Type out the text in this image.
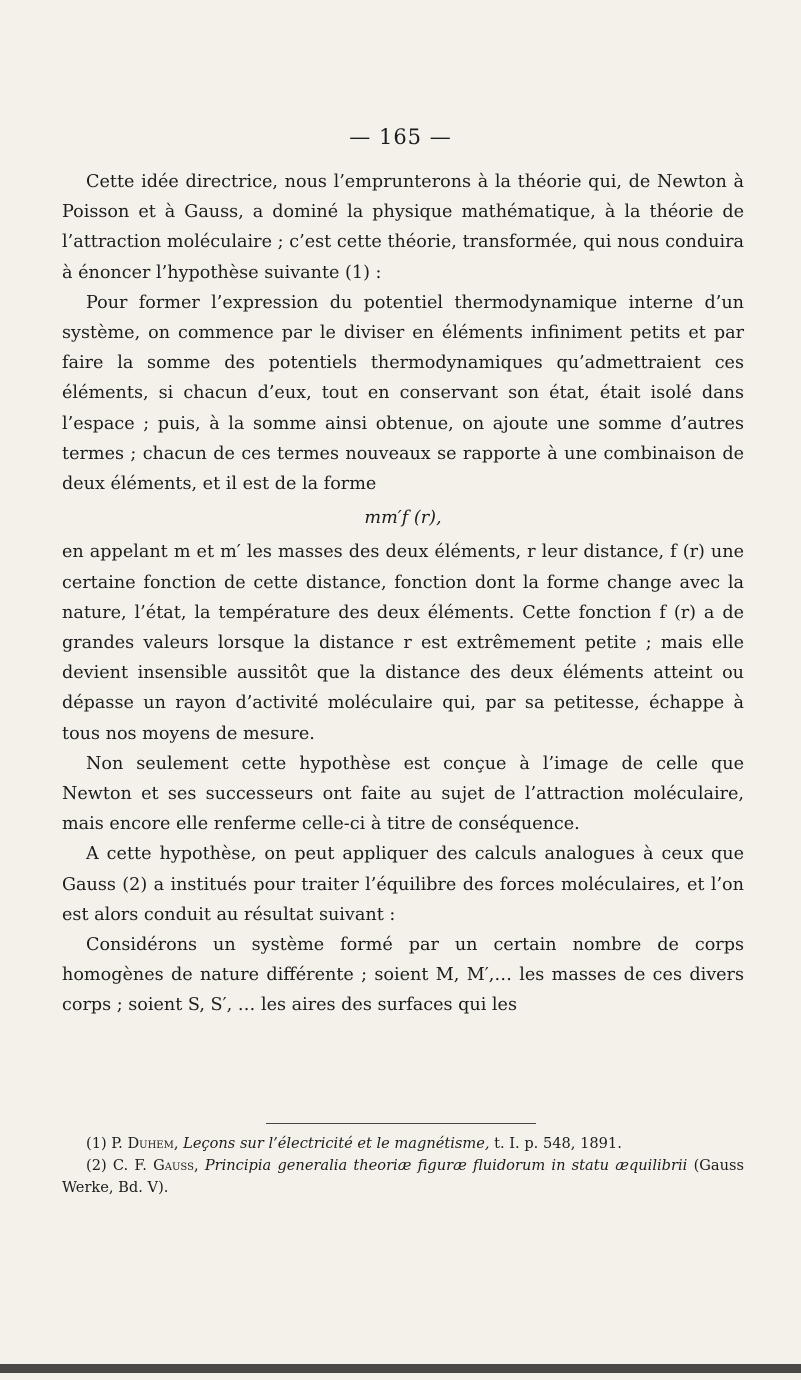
— 165 —

Cette idée directrice, nous l’emprunterons à la théorie qui, de Newton à Poisson et à Gauss, a dominé la physique mathématique, à la théorie de l’attraction moléculaire ; c’est cette théorie, transformée, qui nous conduira à énoncer l’hypothèse suivante (1) :

Pour former l’expression du potentiel thermodynamique interne d’un système, on commence par le diviser en éléments infiniment petits et par faire la somme des potentiels thermodynamiques qu’admettraient ces éléments, si chacun d’eux, tout en conservant son état, était isolé dans l’espace ; puis, à la somme ainsi obtenue, on ajoute une somme d’autres termes ; chacun de ces termes nouveaux se rapporte à une combinaison de deux éléments, et il est de la forme

mm′f (r),

en appelant m et m′ les masses des deux éléments, r leur distance, f (r) une certaine fonction de cette distance, fonction dont la forme change avec la nature, l’état, la température des deux éléments. Cette fonction f (r) a de grandes valeurs lorsque la distance r est extrêmement petite ; mais elle devient insensible aussitôt que la distance des deux éléments atteint ou dépasse un rayon d’activité moléculaire qui, par sa petitesse, échappe à tous nos moyens de mesure.

Non seulement cette hypothèse est conçue à l’image de celle que Newton et ses successeurs ont faite au sujet de l’attraction moléculaire, mais encore elle renferme celle-ci à titre de conséquence.

A cette hypothèse, on peut appliquer des calculs analogues à ceux que Gauss (2) a institués pour traiter l’équilibre des forces moléculaires, et l’on est alors conduit au résultat suivant :

Considérons un système formé par un certain nombre de corps homogènes de nature différente ; soient M, M′,… les masses de ces divers corps ; soient S, S′, … les aires des surfaces qui les

(1) P. Duhem, Leçons sur l’électricité et le magnétisme, t. I. p. 548, 1891.

(2) C. F. Gauss, Principia generalia theoriæ figuræ fluidorum in statu æquilibrii (Gauss Werke, Bd. V).
